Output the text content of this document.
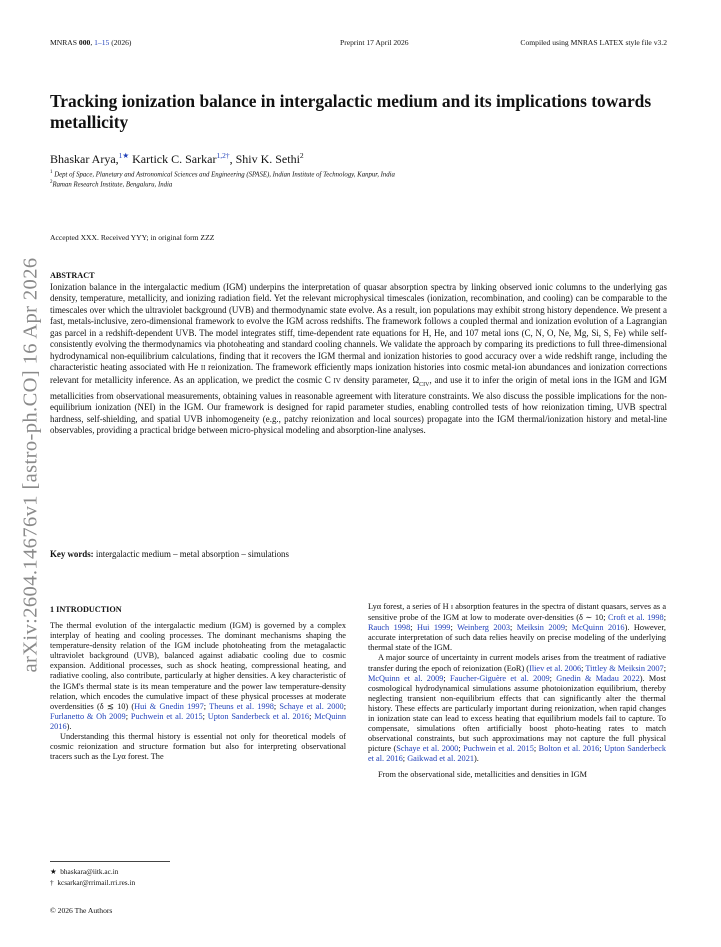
MNRAS 000, 1–15 (2026)	Preprint 17 April 2026	Compiled using MNRAS LATEX style file v3.2
arXiv:2604.14676v1 [astro-ph.CO] 16 Apr 2026
Tracking ionization balance in intergalactic medium and its implications towards metallicity
Bhaskar Arya,$^{1★}$ Kartick C. Sarkar$^{1,2\dagger}$, Shiv K. Sethi$^2$
$^1$ Dept of Space, Planetary and Astronomical Sciences and Engineering (SPASE), Indian Institute of Technology, Kanpur, India
$^2$Raman Research Institute, Bengaluru, India
Accepted XXX. Received YYY; in original form ZZZ
ABSTRACT
Ionization balance in the intergalactic medium (IGM) underpins the interpretation of quasar absorption spectra by linking observed ionic columns to the underlying gas density, temperature, metallicity, and ionizing radiation field. Yet the relevant microphysical timescales (ionization, recombination, and cooling) can be comparable to the timescales over which the ultraviolet background (UVB) and thermodynamic state evolve. As a result, ion populations may exhibit strong history dependence. We present a fast, metals-inclusive, zero-dimensional framework to evolve the IGM across redshifts. The framework follows a coupled thermal and ionization evolution of a Lagrangian gas parcel in a redshift-dependent UVB. The model integrates stiff, time-dependent rate equations for H, He, and 107 metal ions (C, N, O, Ne, Mg, Si, S, Fe) while self-consistently evolving the thermodynamics via photoheating and standard cooling channels. We validate the approach by comparing its predictions to full three-dimensional hydrodynamical non-equilibrium calculations, finding that it recovers the IGM thermal and ionization histories to good accuracy over a wide redshift range, including the characteristic heating associated with He II reionization. The framework efficiently maps ionization histories into cosmic metal-ion abundances and ionization corrections relevant for metallicity inference. As an application, we predict the cosmic C IV density parameter, $\Omega_{CIV}$, and use it to infer the origin of metal ions in the IGM and IGM metallicities from observational measurements, obtaining values in reasonable agreement with literature constraints. We also discuss the possible implications for the non-equilibrium ionization (NEI) in the IGM. Our framework is designed for rapid parameter studies, enabling controlled tests of how reionization timing, UVB spectral hardness, self-shielding, and spatial UVB inhomogeneity (e.g., patchy reionization and local sources) propagate into the IGM thermal/ionization history and metal-line observables, providing a practical bridge between micro-physical modeling and absorption-line analyses.
Key words: intergalactic medium – metal absorption – simulations
1 INTRODUCTION

The thermal evolution of the intergalactic medium (IGM) is governed by a complex interplay of heating and cooling processes. The dominant mechanisms shaping the temperature-density relation of the IGM include photoheating from the metagalactic ultraviolet background (UVB), balanced against adiabatic cooling due to cosmic expansion. Additional processes, such as shock heating, compressional heating, and radiative cooling, also contribute, particularly at higher densities. A key characteristic of the IGM's thermal state is its mean temperature and the power law temperature-density relation, which encodes the cumulative impact of these physical processes at moderate overdensities (δ ≲ 10) (Hui & Gnedin 1997; Theuns et al. 1998; Schaye et al. 2000; Furlanetto & Oh 2009; Puchwein et al. 2015; Upton Sanderbeck et al. 2016; McQuinn 2016).

Understanding this thermal history is essential not only for theoretical models of cosmic reionization and structure formation but also for interpreting observational tracers such as the Lyα forest. The

Lyα forest, a series of H I absorption features in the spectra of distant quasars, serves as a sensitive probe of the IGM at low to moderate over-densities (δ ∼ 10; Croft et al. 1998; Rauch 1998; Hui 1999; Weinberg 2003; Meiksin 2009; McQuinn 2016). However, accurate interpretation of such data relies heavily on precise modeling of the underlying thermal state of the IGM.

A major source of uncertainty in current models arises from the treatment of radiative transfer during the epoch of reionization (EoR) (Iliev et al. 2006; Tittley & Meiksin 2007; McQuinn et al. 2009; Faucher-Giguère et al. 2009; Gnedin & Madau 2022). Most cosmological hydrodynamical simulations assume photoionization equilibrium, thereby neglecting transient non-equilibrium effects that can significantly alter the thermal history. These effects are particularly important during reionization, when rapid changes in ionization state can lead to excess heating that equilibrium models fail to capture. To compensate, simulations often artificially boost photo-heating rates to match observational constraints, but such approximations may not capture the full physical picture (Schaye et al. 2000; Puchwein et al. 2015; Bolton et al. 2016; Upton Sanderbeck et al. 2016; Gaikwad et al. 2021).

From the observational side, metallicities and densities in IGM

★ bhaskara@iitk.ac.in
† kcsarkar@rrimail.rri.res.in
© 2026 The Authors
